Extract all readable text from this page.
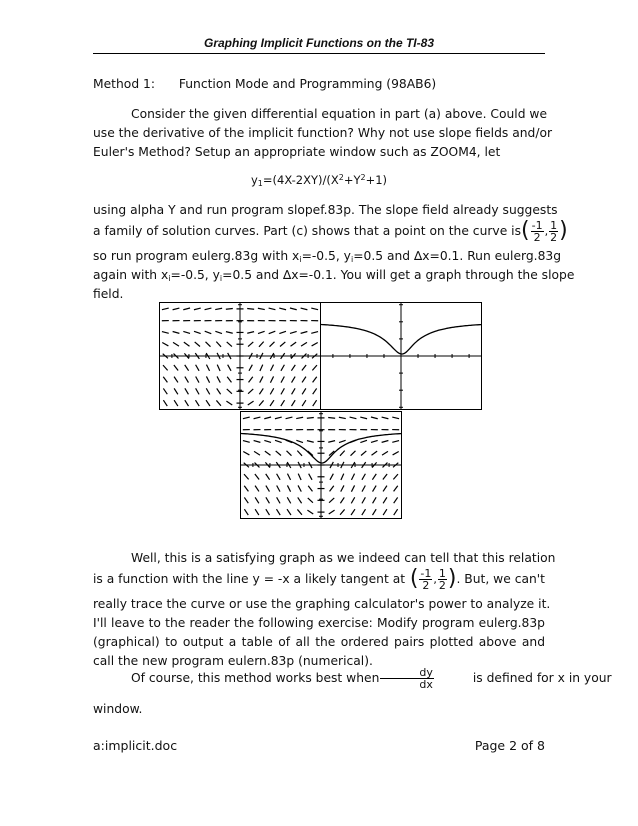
Graphing Implicit Functions on the TI-83
Method 1: Function Mode and Programming (98AB6)
Consider the given differential equation in part (a) above. Could we
use the derivative of the implicit function? Why not use slope fields and/or
Euler's Method? Setup an appropriate window such as ZOOM4, let
$y_1=(4X-2XY)/(X^2+Y^2+1)$
using alpha Y and run program slopef.83p. The slope field already suggests
a family of solution curves. Part (c) shows that a point on the curve is ( $\frac{-1}{2}$ , $\frac{1}{2}$ )
so run program eulerg.83g with $x_i=-0.5$, $y_i=0.5$ and ∆x=0.1. Run eulerg.83g
again with $x_i=-0.5$, $y_i=0.5$ and ∆x=-0.1. You will get a graph through the slope
field.
Well, this is a satisfying graph as we indeed can tell that this relation
is a function with the line y = -x a likely tangent at ( $\frac{-1}{2}$ , $\frac{1}{2}$ ) . But, we can't
really trace the curve or use the graphing calculator's power to analyze it.
I'll leave to the reader the following exercise: Modify program eulerg.83p
(graphical) to output a table of all the ordered pairs plotted above and
call the new program eulern.83p (numerical).
Of course, this method works best when $\frac{dy}{dx}$	is defined for x in your
window.
a:implicit.doc	Page 2 of 8
